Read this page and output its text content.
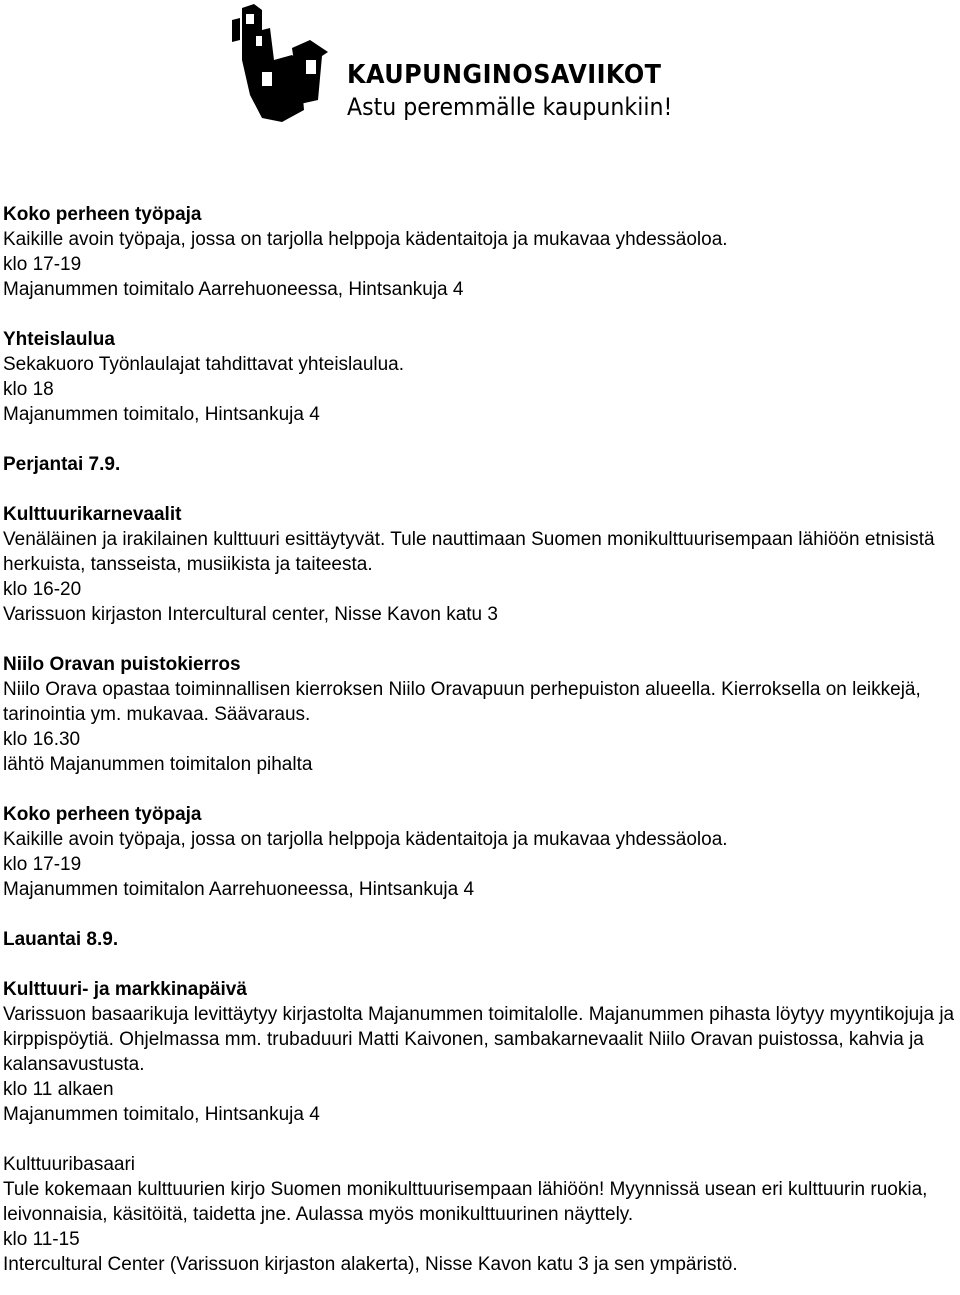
KAUPUNGINOSAVIIKOT
Astu peremmälle kaupunkiin!
Koko perheen työpaja
Kaikille avoin työpaja, jossa on tarjolla helppoja kädentaitoja ja mukavaa yhdessäoloa.
klo 17-19
Majanummen toimitalo Aarrehuoneessa, Hintsankuja 4
Yhteislaulua
Sekakuoro Työnlaulajat tahdittavat yhteislaulua.
klo 18
Majanummen toimitalo, Hintsankuja 4
Perjantai 7.9.
Kulttuurikarnevaalit
Venäläinen ja irakilainen kulttuuri esittäytyvät. Tule nauttimaan Suomen monikulttuurisempaan lähiöön etnisistä herkuista, tansseista, musiikista ja taiteesta.
klo 16-20
Varissuon kirjaston Intercultural center, Nisse Kavon katu 3
Niilo Oravan puistokierros
Niilo Orava opastaa toiminnallisen kierroksen Niilo Oravapuun perhepuiston alueella. Kierroksella on leikkejä, tarinointia ym. mukavaa. Säävaraus.
klo 16.30
lähtö Majanummen toimitalon pihalta
Koko perheen työpaja
Kaikille avoin työpaja, jossa on tarjolla helppoja kädentaitoja ja mukavaa yhdessäoloa.
klo 17-19
Majanummen toimitalon Aarrehuoneessa, Hintsankuja 4
Lauantai 8.9.
Kulttuuri- ja markkinapäivä
Varissuon basaarikuja levittäytyy kirjastolta Majanummen toimitalolle. Majanummen pihasta löytyy myyntikojuja ja kirppispöytiä. Ohjelmassa mm. trubaduuri Matti Kaivonen, sambakarnevaalit Niilo Oravan puistossa, kahvia ja kalansavustusta.
klo 11 alkaen
Majanummen toimitalo, Hintsankuja 4
Kulttuuribasaari
Tule kokemaan kulttuurien kirjo Suomen monikulttuurisempaan lähiöön! Myynnissä usean eri kulttuurin ruokia, leivonnaisia, käsitöitä, taidetta jne. Aulassa myös monikulttuurinen näyttely.
klo 11-15
Intercultural Center (Varissuon kirjaston alakerta), Nisse Kavon katu 3 ja sen ympäristö.
